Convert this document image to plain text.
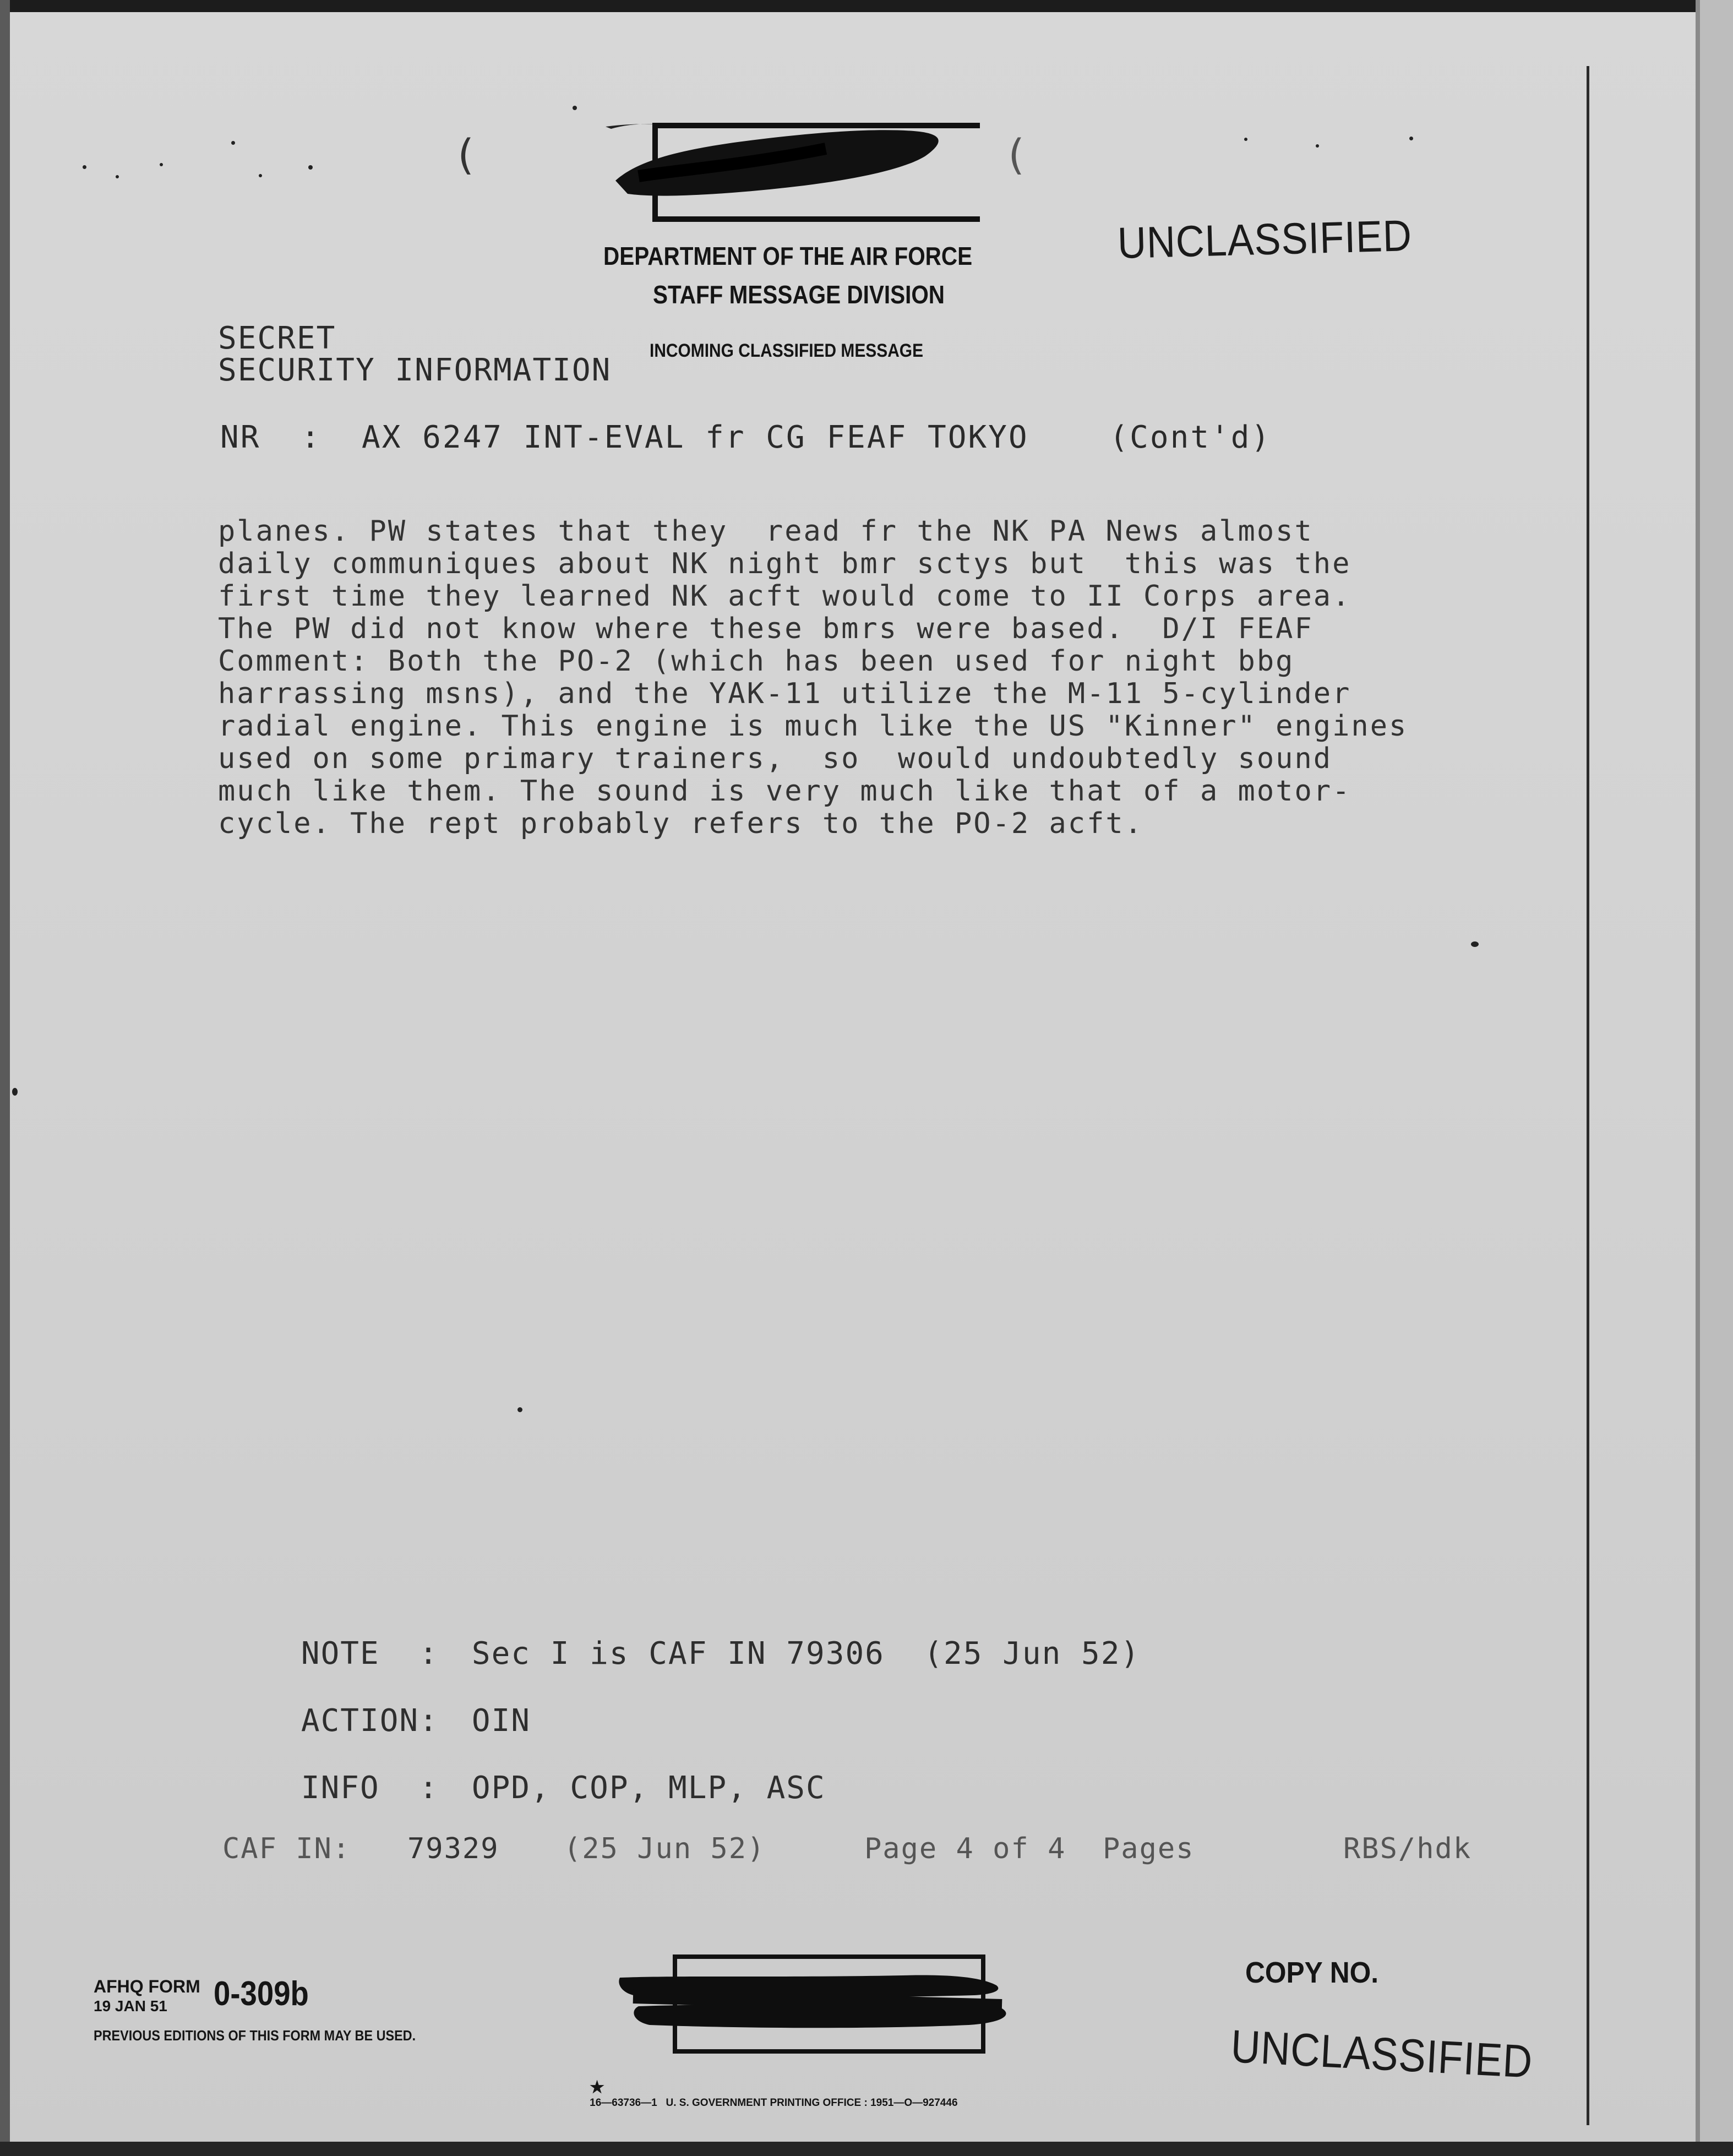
(	(
DEPARTMENT OF THE AIR FORCE
STAFF MESSAGE DIVISION
INCOMING CLASSIFIED MESSAGE
UNCLASSIFIED
SECRET
SECURITY INFORMATION
NR  :  AX 6247 INT-EVAL fr CG FEAF TOKYO    (Cont'd)
planes. PW states that they  read fr the NK PA News almost
daily communiques about NK night bmr sctys but  this was the
first time they learned NK acft would come to II Corps area.
The PW did not know where these bmrs were based.  D/I FEAF
Comment: Both the PO-2 (which has been used for night bbg
harrassing msns), and the YAK-11 utilize the M-11 5-cylinder
radial engine. This engine is much like the US "Kinner" engines
used on some primary trainers,  so  would undoubtedly sound
much like them. The sound is very much like that of a motor-
cycle. The rept probably refers to the PO-2 acft.

NOTE  : Sec I is CAF IN 79306  (25 Jun 52)

ACTION: OIN

INFO  : OPD, COP, MLP, ASC

CAF IN: 79329 (25 Jun 52)	Page 4 of 4  Pages	RBS/hdk
AFHQ FORM
19 JAN 51 0-309b
PREVIOUS EDITIONS OF THIS FORM MAY BE USED.

★
16—63736—1   U. S. GOVERNMENT PRINTING OFFICE : 1951—O—927446

COPY NO.
UNCLASSIFIED
